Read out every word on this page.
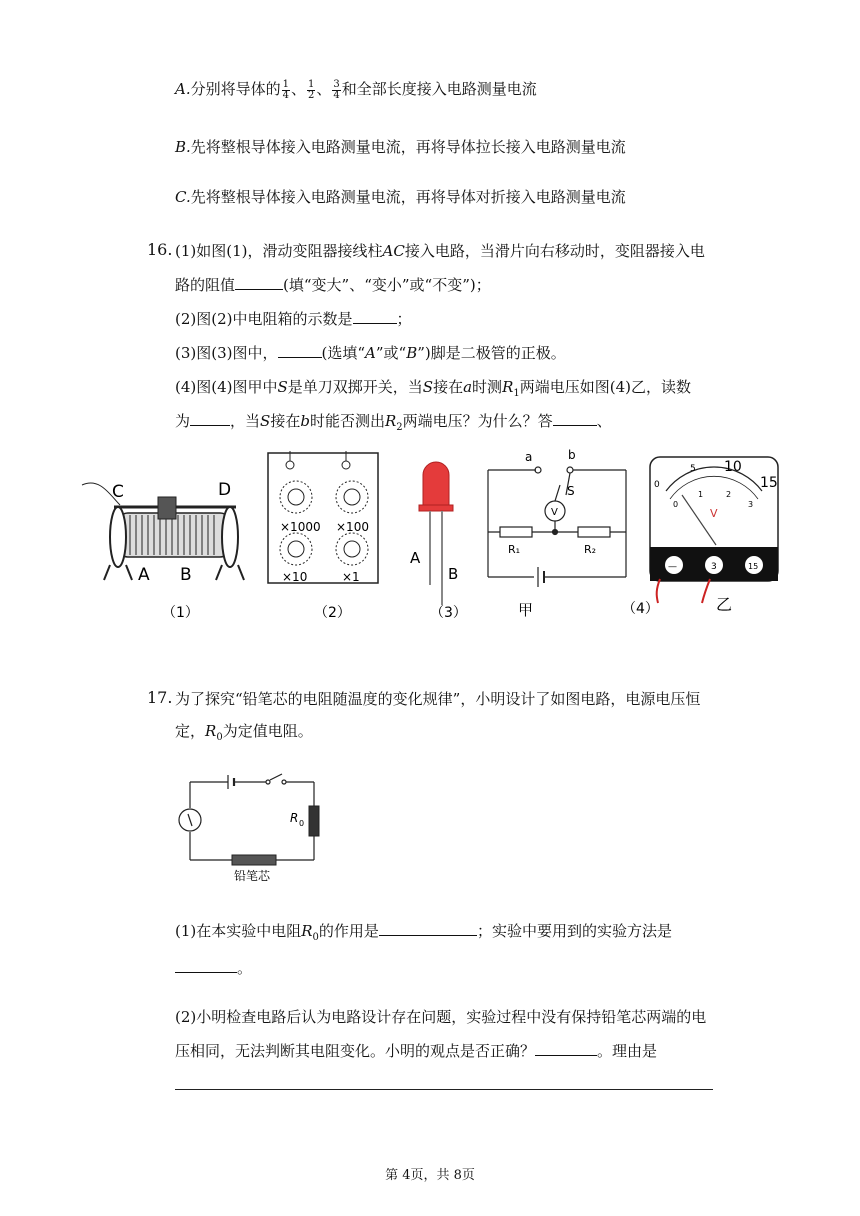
A.分别将导体的 $\frac{1}{4}$ 、 $\frac{1}{2}$ 、 $\frac{3}{4}$ 和全部长度接入电路测量电流
B.先将整根导体接入电路测量电流，再将导体拉长接入电路测量电流
C.先将整根导体接入电路测量电流，再将导体对折接入电路测量电流
16. (1)如图(1)，滑动变阻器接线柱AC接入电路，当滑片向右移动时，变阻器接入电
路的阻值	(填“变大”、“变小”或“不变”)；
(2)图(2)中电阻箱的示数是	；
(3)图(3)图中，	(选填“A”或“B”)脚是二极管的正极。
(4)图(4)图甲中S是单刀双掷开关，当S接在a时测$R_1$两端电压如图(4)乙，读数
为	，当S接在b时能否测出$R_2$两端电压？为什么？答	、
C	D
A B
（1）
×1000 ×100
×10	×1
（2）
A
B
（3）
a	b
S
V
R₁	R₂
甲	（4）
0
5 10
15
0
1	2
3
V
—	3	15
乙
17. 为了探究“铅笔芯的电阻随温度的变化规律”，小明设计了如图电路，电源电压恒
定，$R_0$为定值电阻。
R 0
铅笔芯
(1)在本实验中电阻$R_0$的作用是	；实验中要用到的实验方法是
。
(2)小明检查电路后认为电路设计存在问题，实验过程中没有保持铅笔芯两端的电
压相同，无法判断其电阻变化。小明的观点是否正确？	。理由是
第 4页，共 8页
